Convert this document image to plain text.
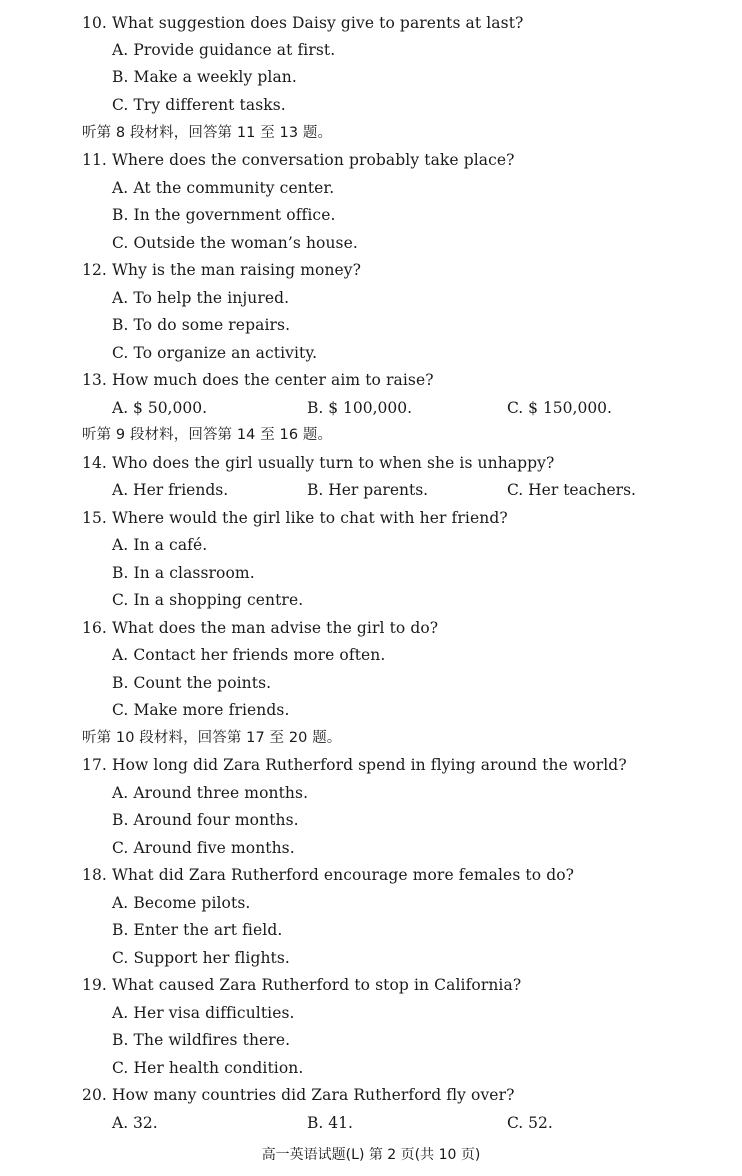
10. What suggestion does Daisy give to parents at last?
A. Provide guidance at first.
B. Make a weekly plan.
C. Try different tasks.
听第 8 段材料，回答第 11 至 13 题。
11. Where does the conversation probably take place?
A. At the community center.
B. In the government office.
C. Outside the woman’s house.
12. Why is the man raising money?
A. To help the injured.
B. To do some repairs.
C. To organize an activity.
13. How much does the center aim to raise?
A. $ 50,000.	B. $ 100,000.	C. $ 150,000.
听第 9 段材料，回答第 14 至 16 题。
14. Who does the girl usually turn to when she is unhappy?
A. Her friends.	B. Her parents.	C. Her teachers.
15. Where would the girl like to chat with her friend?
A. In a café.
B. In a classroom.
C. In a shopping centre.
16. What does the man advise the girl to do?
A. Contact her friends more often.
B. Count the points.
C. Make more friends.
听第 10 段材料，回答第 17 至 20 题。
17. How long did Zara Rutherford spend in flying around the world?
A. Around three months.
B. Around four months.
C. Around five months.
18. What did Zara Rutherford encourage more females to do?
A. Become pilots.
B. Enter the art field.
C. Support her flights.
19. What caused Zara Rutherford to stop in California?
A. Her visa difficulties.
B. The wildfires there.
C. Her health condition.
20. How many countries did Zara Rutherford fly over?
A. 32.	B. 41.	C. 52.
高一英语试题(L) 第 2 页(共 10 页)
